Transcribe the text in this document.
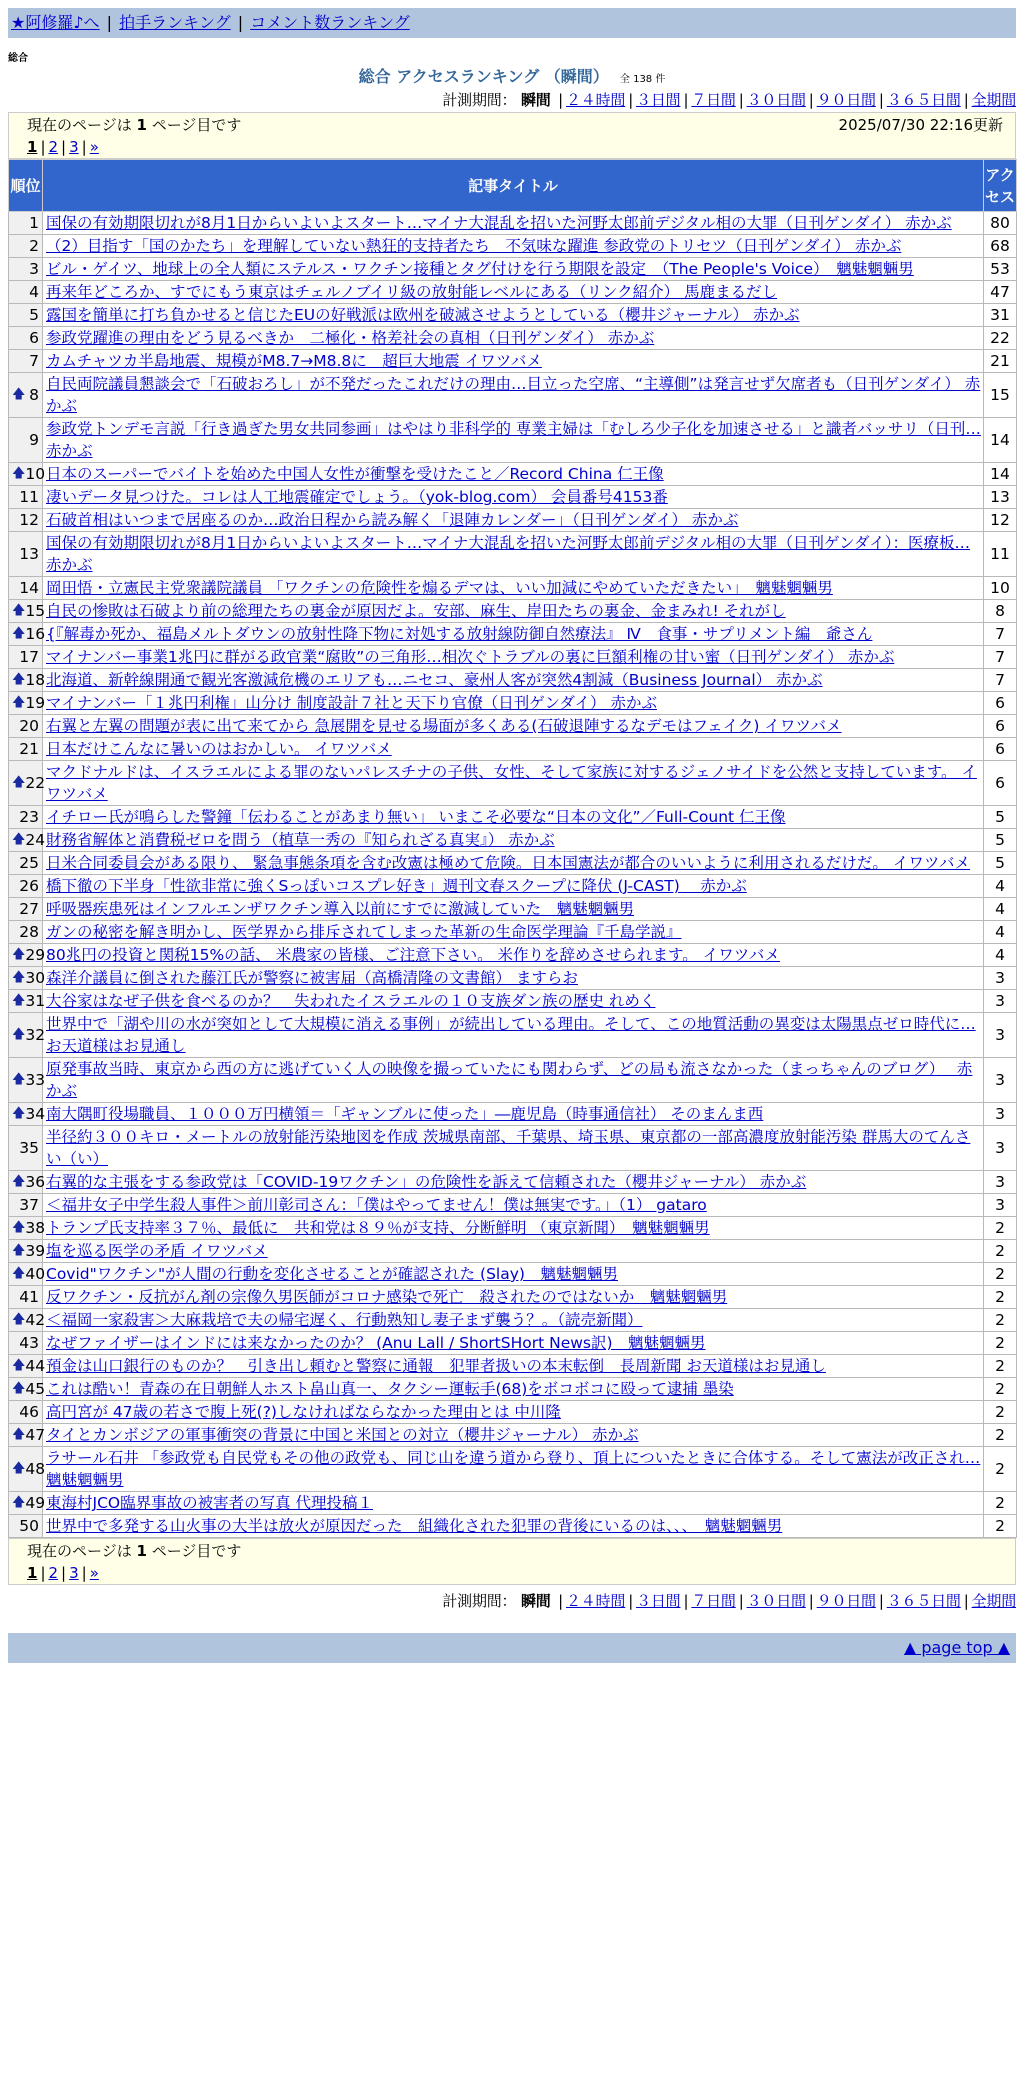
★阿修羅♪へ | 拍手ランキング | コメント数ランキング
総合
総合 アクセスランキング （瞬間） 全 138 件
計測期間： 瞬間 | ２４時間 | ３日間 | ７日間 | ３０日間 | ９０日間 | ３６５日間 | 全期間
現在のページは 1 ページ目です	2025/07/30 22:16更新
1 | 2 | 3 | »
順位	記事タイトル	アクセス
1	国保の有効期限切れが8月1日からいよいよスタート…マイナ大混乱を招いた河野太郎前デジタル相の大罪（日刊ゲンダイ） 赤かぶ	80
2	（2）目指す「国のかたち」を理解していない熱狂的支持者たち　不気味な躍進 参政党のトリセツ（日刊ゲンダイ） 赤かぶ	68
3	ビル・ゲイツ、地球上の全人類にステルス・ワクチン接種とタグ付けを行う期限を設定　（The People's Voice）　魑魅魍魎男	53
4	再来年どころか、すでにもう東京はチェルノブイリ級の放射能レベルにある（リンク紹介） 馬鹿まるだし	47
5	露国を簡単に打ち負かせると信じたEUの好戦派は欧州を破滅させようとしている（櫻井ジャーナル） 赤かぶ	31
6	参政党躍進の理由をどう見るべきか　二極化・格差社会の真相（日刊ゲンダイ） 赤かぶ	22
7	カムチャツカ半島地震、規模がM8.7→M8.8に　超巨大地震 イワツバメ	21

🡅 8	自民両院議員懇談会で「石破おろし」が不発だったこれだけの理由…目立った空席、“主導側”は発言せず欠席者も（日刊ゲンダイ） 赤かぶ	15
9	参政党トンデモ言説「行き過ぎた男女共同参画」はやはり非科学的 専業主婦は「むしろ少子化を加速させる」と識者バッサリ（日刊… 赤かぶ	14

🡅 10	日本のスーパーでバイトを始めた中国人女性が衝撃を受けたこと／Record China 仁王像	14
11	凄いデータ見つけた。コレは人工地震確定でしょう。（yok-blog.com） 会員番号4153番	13
12	石破首相はいつまで居座るのか…政治日程から読み解く「退陣カレンダー」（日刊ゲンダイ） 赤かぶ	12
13	国保の有効期限切れが8月1日からいよいよスタート…マイナ大混乱を招いた河野太郎前デジタル相の大罪（日刊ゲンダイ）：医療板… 赤かぶ	11
14	岡田悟・立憲民主党衆議院議員 「ワクチンの危険性を煽るデマは、いい加減にやめていただきたい」　魑魅魍魎男	10

🡅 15	自民の惨敗は石破より前の総理たちの裏金が原因だよ。安部、麻生、岸田たちの裏金、金まみれ! それがし	8

🡅 16	{『解毒か死か、福島メルトダウンの放射性降下物に対処する放射線防御自然療法』 Ⅳ　食事・サプリメント編　爺さん	7
17	マイナンバー事業1兆円に群がる政官業“腐敗”の三角形…相次ぐトラブルの裏に巨額利権の甘い蜜（日刊ゲンダイ） 赤かぶ	7

🡅 18	北海道、新幹線開通で観光客激減危機のエリアも…ニセコ、豪州人客が突然4割減（Business Journal） 赤かぶ	7

🡅 19	マイナンバー「１兆円利権」山分け 制度設計７社と天下り官僚（日刊ゲンダイ） 赤かぶ	6
20	右翼と左翼の問題が表に出て来てから 急展開を見せる場面が多くある(石破退陣するなデモはフェイク) イワツバメ	6
21	日本だけこんなに暑いのはおかしい。 イワツバメ	6

🡅 22	マクドナルドは、イスラエルによる罪のないパレスチナの子供、女性、そして家族に対するジェノサイドを公然と支持しています。 イワツバメ	6
23	イチロー氏が鳴らした警鐘「伝わることがあまり無い」 いまこそ必要な“日本の文化”／Full-Count 仁王像	5

🡅 24	財務省解体と消費税ゼロを問う（植草一秀の『知られざる真実』） 赤かぶ	5
25	日米合同委員会がある限り、 緊急事態条項を含む改憲は極めて危険。日本国憲法が都合のいいように利用されるだけだ。 イワツバメ	5
26	橋下徹の下半身「性欲非常に強くSっぽいコスプレ好き」週刊文春スクープに降伏 (J-CAST)　 赤かぶ	4
27	呼吸器疾患死はインフルエンザワクチン導入以前にすでに激減していた　魑魅魍魎男	4
28	ガンの秘密を解き明かし、医学界から排斥されてしまった革新の生命医学理論『千島学説』	4

🡅 29	80兆円の投資と関税15%の話、 米農家の皆様、ご注意下さい。 米作りを辞めさせられます。 イワツバメ	4

🡅 30	森洋介議員に倒された藤江氏が警察に被害届（高橋清隆の文書館） ますらお	3

🡅 31	大谷家はなぜ子供を食べるのか？　失われたイスラエルの１０支族ダン族の歴史 れめく	3

🡅 32	世界中で「湖や川の水が突如として大規模に消える事例」が続出している理由。そして、この地質活動の異変は太陽黒点ゼロ時代に… お天道様はお見通し	3

🡅 33	原発事故当時、東京から西の方に逃げていく人の映像を撮っていたにも関わらず、どの局も流さなかった（まっちゃんのブログ）　 赤かぶ	3

🡅 34	南大隅町役場職員、１０００万円横領＝「ギャンブルに使った」―鹿児島（時事通信社） そのまんま西	3
35	半径約３００キロ・メートルの放射能汚染地図を作成 茨城県南部、千葉県、埼玉県、東京都の一部高濃度放射能汚染 群馬大のてんさい（い）	3

🡅 36	右翼的な主張をする参政党は「COVID-19ワクチン」の危険性を訴えて信頼された（櫻井ジャーナル） 赤かぶ	3
37	＜福井女子中学生殺人事件＞前川彰司さん：「僕はやってません！僕は無実です。」（1） gataro	3

🡅 38	トランプ氏支持率３７％、最低に　共和党は８９％が支持、分断鮮明 （東京新聞）　魑魅魍魎男	2

🡅 39	塩を巡る医学の矛盾 イワツバメ	2

🡅 40	Covid"ワクチン"が人間の行動を変化させることが確認された (Slay)　魑魅魍魎男	2
41	反ワクチン・反抗がん剤の宗像久男医師がコロナ感染で死亡　殺されたのではないか　魑魅魍魎男	2

🡅 42	＜福岡一家殺害＞大麻栽培で夫の帰宅遅く、行動熟知し妻子まず襲う？。（読売新聞）	2
43	なぜファイザーはインドには来なかったのか？ (Anu Lall / ShortSHort News訳)　魑魅魍魎男	2

🡅 44	預金は山口銀行のものか？　引き出し頼むと警察に通報　犯罪者扱いの本末転倒　長周新聞 お天道様はお見通し	2

🡅 45	これは酷い！青森の在日朝鮮人ホスト畠山真一、タクシー運転手(68)をボコボコに殴って逮捕 墨染	2
46	高円宮が 47歳の若さで腹上死(?)しなければならなかった理由とは 中川隆	2

🡅 47	タイとカンボジアの軍事衝突の背景に中国と米国との対立（櫻井ジャーナル） 赤かぶ	2

🡅 48	ラサール石井 「参政党も自民党もその他の政党も、同じ山を違う道から登り、頂上についたときに合体する。そして憲法が改正され… 魑魅魍魎男	2

🡅 49	東海村JCO臨界事故の被害者の写真 代理投稿１	2
50	世界中で多発する山火事の大半は放火が原因だった　組織化された犯罪の背後にいるのは、、、　魑魅魍魎男	2
現在のページは 1 ページ目です
1 | 2 | 3 | »
計測期間： 瞬間 | ２４時間 | ３日間 | ７日間 | ３０日間 | ９０日間 | ３６５日間 | 全期間
▲ page top ▲
